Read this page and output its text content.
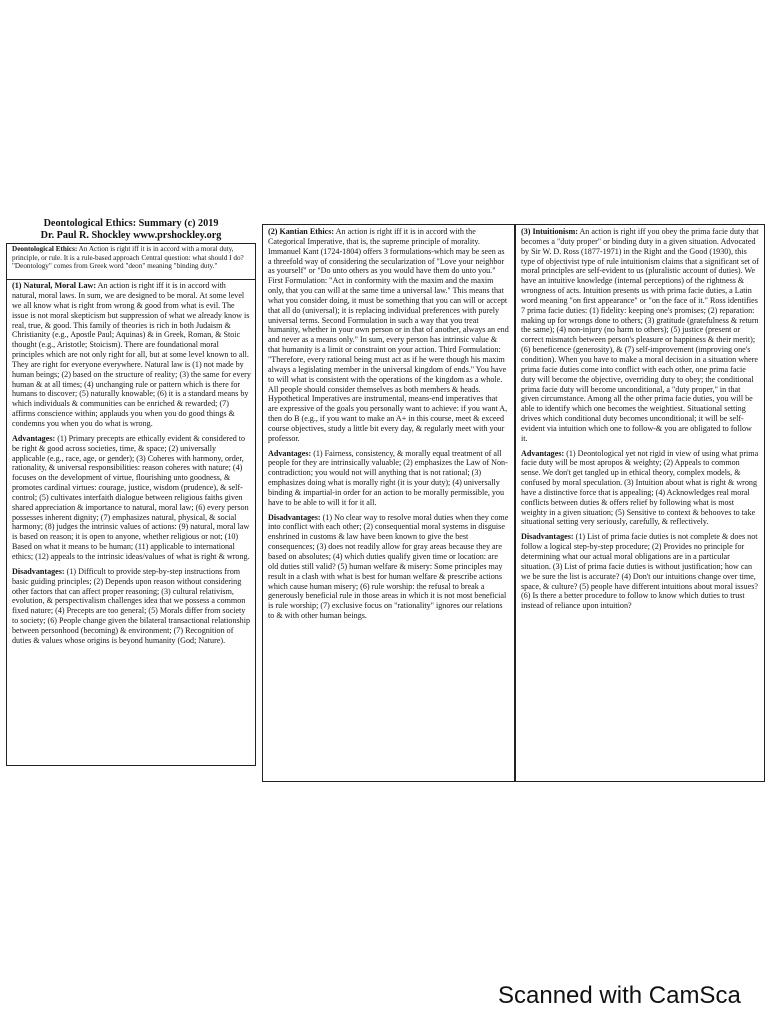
Deontological Ethics: Summary (c) 2019
Dr. Paul R. Shockley www.prshockley.org
Deontological Ethics: An Action is right iff it is in accord with a moral duty, principle, or rule. It is a rule-based approach Central question: what should I do? "Deontology" comes from Greek word "deon" meaning "binding duty."

(1) Natural, Moral Law: An action is right iff it is in accord with natural, moral laws. In sum, we are designed to be moral. At some level we all know what is right from wrong & good from what is evil. The issue is not moral skepticism but suppression of what we already know is real, true, & good. This family of theories is rich in both Judaism & Christianity (e.g., Apostle Paul; Aquinas) & in Greek, Roman, & Stoic thought (e.g., Aristotle; Stoicism). There are foundational moral principles which are not only right for all, but at some level known to all. They are right for everyone everywhere. Natural law is (1) not made by human beings; (2) based on the structure of reality; (3) the same for every human & at all times; (4) unchanging rule or pattern which is there for humans to discover; (5) naturally knowable; (6) it is a standard means by which individuals & communities can be enriched & rewarded; (7) affirms conscience within; applauds you when you do good things & condemns you when you do what is wrong.

Advantages: (1) Primary precepts are ethically evident & considered to be right & good across societies, time, & space; (2) universally applicable (e.g., race, age, or gender); (3) Coheres with harmony, order, rationality, & universal responsibilities: reason coheres with nature; (4) focuses on the development of virtue, flourishing unto goodness, & promotes cardinal virtues: courage, justice, wisdom (prudence), & self-control; (5) cultivates interfaith dialogue between religious faiths given shared appreciation & importance to natural, moral law; (6) every person possesses inherent dignity; (7) emphasizes natural, physical, & social harmony; (8) judges the intrinsic values of actions: (9) natural, moral law is based on reason; it is open to anyone, whether religious or not; (10) Based on what it means to be human; (11) applicable to international ethics; (12) appeals to the intrinsic ideas/values of what is right & wrong.

Disadvantages: (1) Difficult to provide step-by-step instructions from basic guiding principles; (2) Depends upon reason without considering other factors that can affect proper reasoning; (3) cultural relativism, evolution, & perspectivalism challenges idea that we possess a common fixed nature; (4) Precepts are too general; (5) Morals differ from society to society; (6) People change given the bilateral transactional relationship between personhood (becoming) & environment; (7) Recognition of duties & values whose origins is beyond humanity (God; Nature).

(2) Kantian Ethics: An action is right iff it is in accord with the Categorical Imperative, that is, the supreme principle of morality. Immanuel Kant (1724-1804) offers 3 formulations-which may be seen as a threefold way of considering the secularization of "Love your neighbor as yourself" or "Do unto others as you would have them do unto you." First Formulation: "Act in conformity with the maxim and the maxim only, that you can will at the same time a universal law." This means that what you consider doing, it must be something that you can will or accept that all do (universal); it is replacing individual preferences with purely universal terms. Second Formulation in such a way that you treat humanity, whether in your own person or in that of another, always an end and never as a means only." In sum, every person has intrinsic value & that humanity is a limit or constraint on your action. Third Formulation: "Therefore, every rational being must act as if he were though his maxim always a legislating member in the universal kingdom of ends." You have to will what is consistent with the operations of the kingdom as a whole. All people should consider themselves as both members & heads. Hypothetical Imperatives are instrumental, means-end imperatives that are expressive of the goals you personally want to achieve: if you want A, then do B (e.g., if you want to make an A+ in this course, meet & exceed course objectives, study a little bit every day, & regularly meet with your professor.

Advantages: (1) Fairness, consistency, & morally equal treatment of all people for they are intrinsically valuable; (2) emphasizes the Law of Non-contradiction; you would not will anything that is not rational; (3) emphasizes doing what is morally right (it is your duty); (4) universally binding & impartial-in order for an action to be morally permissible, you have to be able to will it for it all.

Disadvantages: (1) No clear way to resolve moral duties when they come into conflict with each other; (2) consequential moral systems in disguise enshrined in customs & law have been known to give the best consequences; (3) does not readily allow for gray areas because they are based on absolutes; (4) which duties qualify given time or location: are old duties still valid? (5) human welfare & misery: Some principles may result in a clash with what is best for human welfare & prescribe actions which cause human misery; (6) rule worship: the refusal to break a generously beneficial rule in those areas in which it is not most beneficial is rule worship; (7) exclusive focus on "rationality" ignores our relations to & with other human beings.

(3) Intuitionism: An action is right iff you obey the prima facie duty that becomes a "duty proper" or binding duty in a given situation. Advocated by Sir W. D. Ross (1877-1971) in the Right and the Good (1930), this type of objectivist type of rule intuitionism claims that a significant set of moral principles are self-evident to us (pluralistic account of duties). We have an intuitive knowledge (internal perceptions) of the rightness & wrongness of acts. Intuition presents us with prima facie duties, a Latin word meaning "on first appearance" or "on the face of it." Ross identifies 7 prima facie duties: (1) fidelity: keeping one's promises; (2) reparation: making up for wrongs done to others; (3) gratitude (gratefulness & return the same); (4) non-injury (no harm to others); (5) justice (present or correct mismatch between person's pleasure or happiness & their merit); (6) beneficence (generosity), & (7) self-improvement (improving one's condition). When you have to make a moral decision in a situation where prima facie duties come into conflict with each other, one prima facie duty will become the objective, overriding duty to obey; the conditional prima facie duty will become unconditional, a "duty proper," in that given circumstance. Among all the other prima facie duties, you will be able to identify which one becomes the weightiest. Situational setting drives which conditional duty becomes unconditional; it will be self-evident via intuition which one to follow-& you are obligated to follow it.

Advantages: (1) Deontological yet not rigid in view of using what prima facie duty will be most apropos & weighty; (2) Appeals to common sense. We don't get tangled up in ethical theory, complex models, & confused by moral speculation. (3) Intuition about what is right & wrong have a distinctive force that is appealing; (4) Acknowledges real moral conflicts between duties & offers relief by following what is most weighty in a given situation; (5) Sensitive to context & behooves to take situational setting very seriously, carefully, & reflectively.

Disadvantages: (1) List of prima facie duties is not complete & does not follow a logical step-by-step procedure; (2) Provides no principle for determining what our actual moral obligations are in a particular situation. (3) List of prima facie duties is without justification; how can we be sure the list is accurate? (4) Don't our intuitions change over time, space, & culture? (5) people have different intuitions about moral issues? (6) Is there a better procedure to follow to know which duties to trust instead of reliance upon intuition?

Scanned with CamSca
